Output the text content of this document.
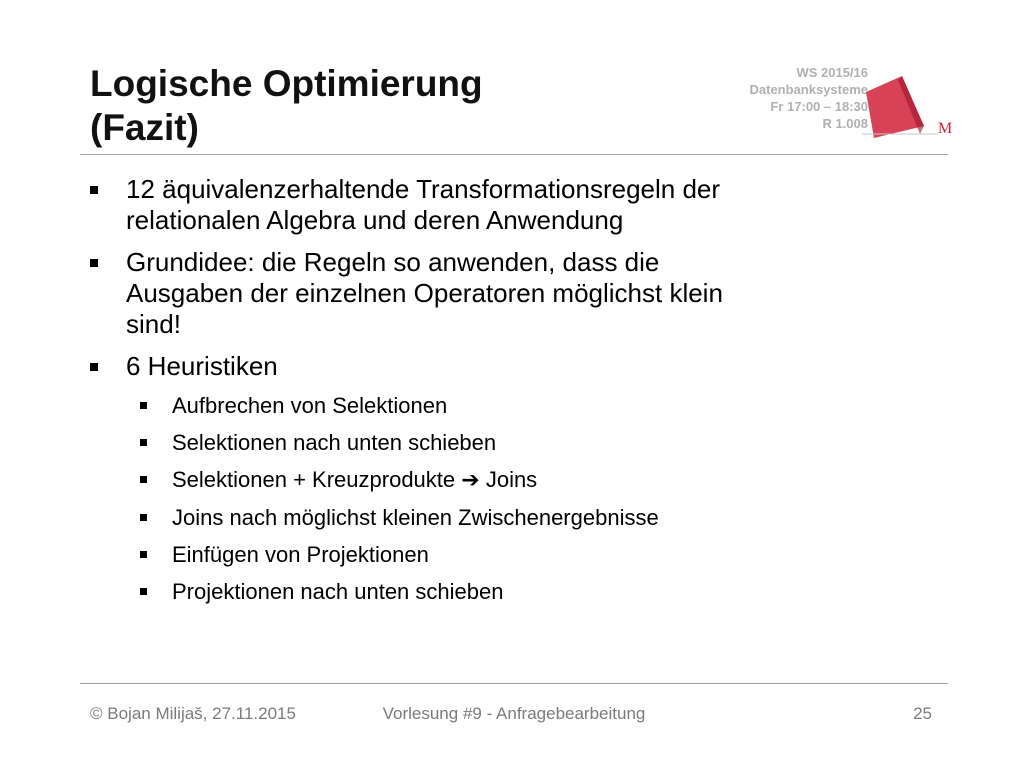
Logische Optimierung
(Fazit)
WS 2015/16
Datenbanksysteme
Fr 17:00 – 18:30
R 1.008	M
12 äquivalenzerhaltende Transformationsregeln der
relationalen Algebra und deren Anwendung
Grundidee: die Regeln so anwenden, dass die
Ausgaben der einzelnen Operatoren möglichst klein
sind!
6 Heuristiken
Aufbrechen von Selektionen
Selektionen nach unten schieben
Selektionen + Kreuzprodukte ➔ Joins
Joins nach möglichst kleinen Zwischenergebnisse
Einfügen von Projektionen
Projektionen nach unten schieben
© Bojan Milijaš, 27.11.2015	Vorlesung #9 - Anfragebearbeitung	25
